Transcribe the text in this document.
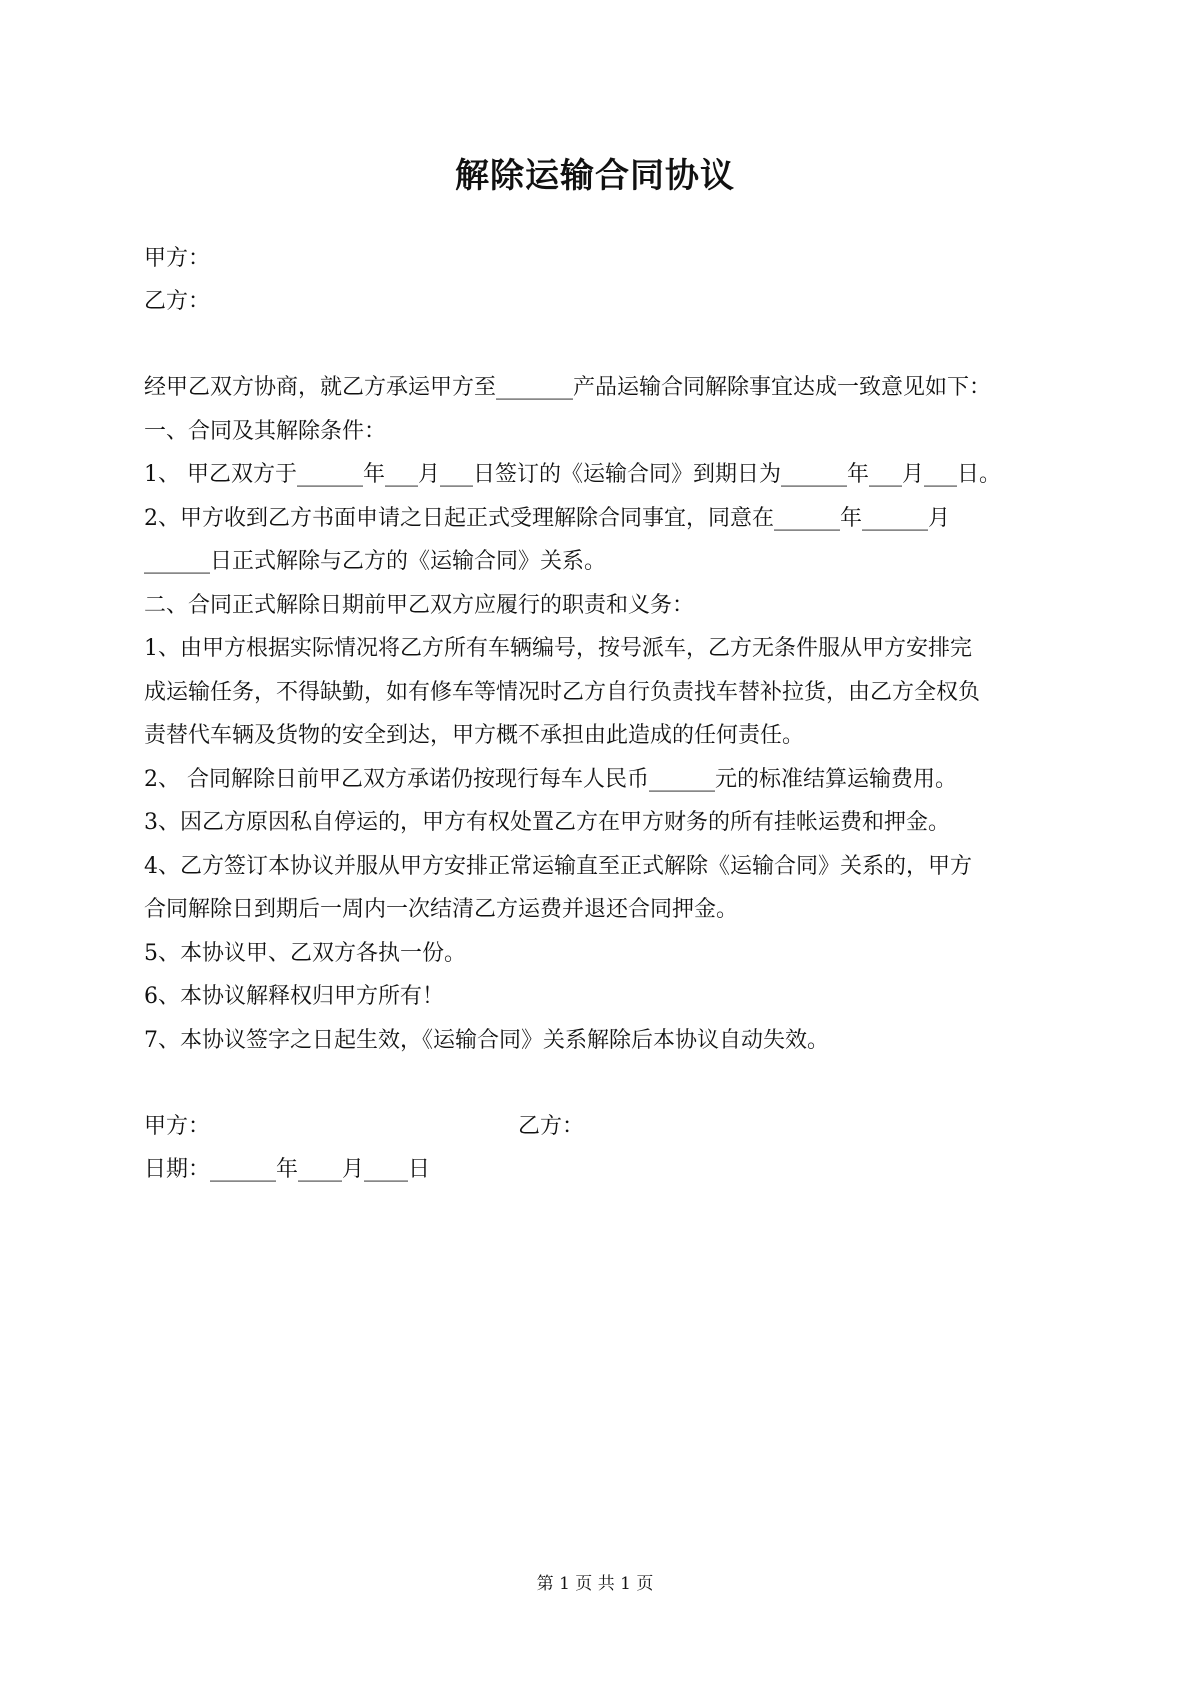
解除运输合同协议
甲方：
乙方：
经甲乙双方协商，就乙方承运甲方至_______产品运输合同解除事宜达成一致意见如下：
一、合同及其解除条件：
1、 甲乙双方于______年___月___日签订的《运输合同》到期日为______年___月___日。
2、甲方收到乙方书面申请之日起正式受理解除合同事宜，同意在______年______月
______日正式解除与乙方的《运输合同》关系。
二、合同正式解除日期前甲乙双方应履行的职责和义务：
1、由甲方根据实际情况将乙方所有车辆编号，按号派车，乙方无条件服从甲方安排完
成运输任务，不得缺勤，如有修车等情况时乙方自行负责找车替补拉货，由乙方全权负
责替代车辆及货物的安全到达，甲方概不承担由此造成的任何责任。
2、 合同解除日前甲乙双方承诺仍按现行每车人民币______元的标准结算运输费用。
3、因乙方原因私自停运的，甲方有权处置乙方在甲方财务的所有挂帐运费和押金。
4、乙方签订本协议并服从甲方安排正常运输直至正式解除《运输合同》关系的，甲方
合同解除日到期后一周内一次结清乙方运费并退还合同押金。
5、本协议甲、乙双方各执一份。
6、本协议解释权归甲方所有！
7、本协议签字之日起生效，《运输合同》关系解除后本协议自动失效。
甲方：	乙方：
日期：______年____月____日
第 1 页 共 1 页
